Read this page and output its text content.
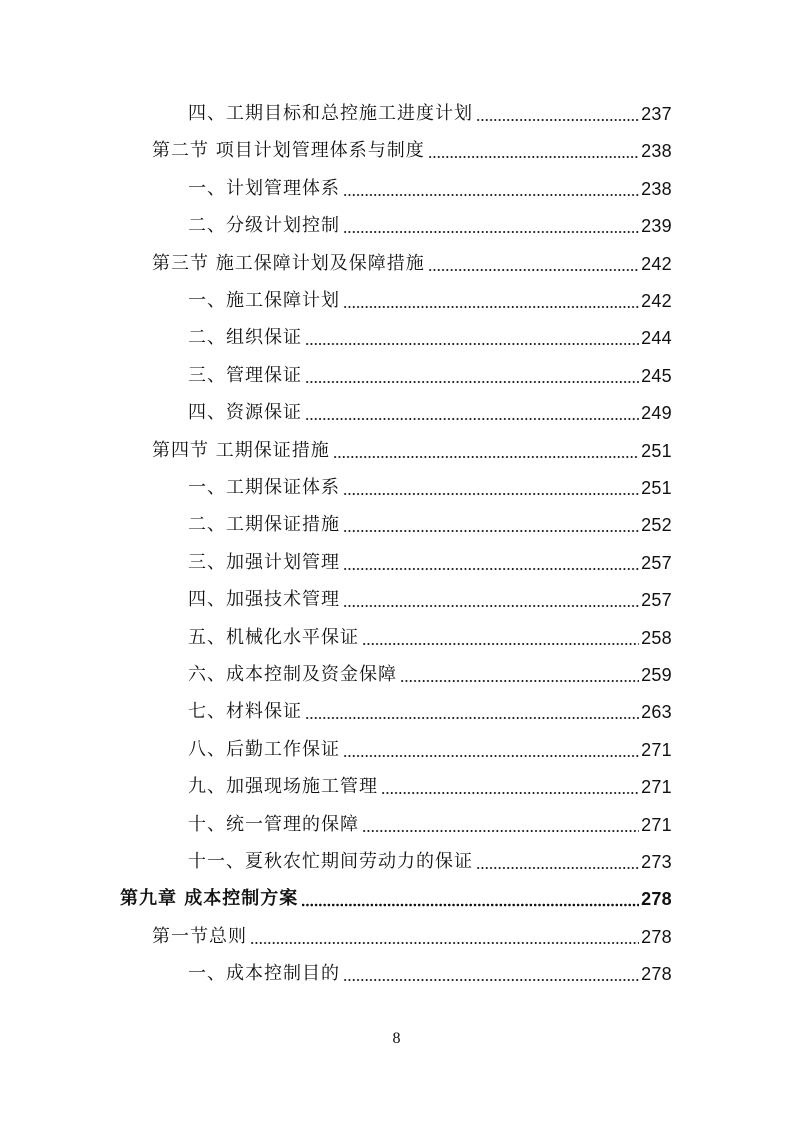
四、工期目标和总控施工进度计划	237
第二节 项目计划管理体系与制度	238
一、计划管理体系	238
二、分级计划控制	239
第三节 施工保障计划及保障措施	242
一、施工保障计划	242
二、组织保证	244
三、管理保证	245
四、资源保证	249
第四节 工期保证措施	251
一、工期保证体系	251
二、工期保证措施	252
三、加强计划管理	257
四、加强技术管理	257
五、机械化水平保证	258
六、成本控制及资金保障	259
七、材料保证	263
八、后勤工作保证	271
九、加强现场施工管理	271
十、统一管理的保障	271
十一、夏秋农忙期间劳动力的保证	273
第九章 成本控制方案	278
第一节总则	278
一、成本控制目的	278
8
